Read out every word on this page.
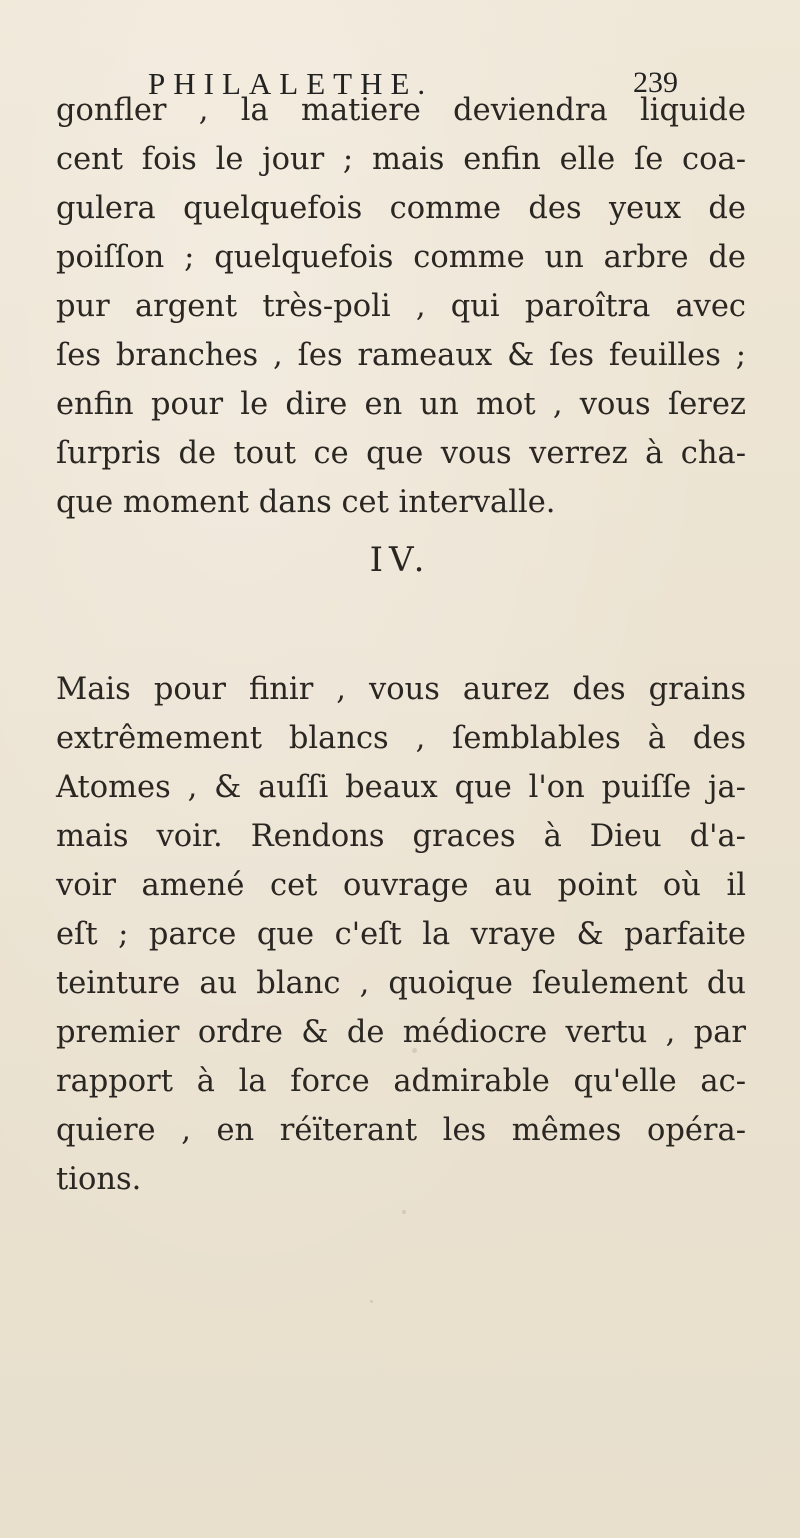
PHILALETHE.	239
gonfler , la matiere deviendra liquide
cent fois le jour ; mais enfin elle ſe coa-
gulera quelquefois comme des yeux de
poiſſon ; quelquefois comme un arbre de
pur argent très-poli , qui paroîtra avec
ſes branches , ſes rameaux & ſes feuilles ;
enfin pour le dire en un mot , vous ſerez
ſurpris de tout ce que vous verrez à cha-
que moment dans cet intervalle.
IV.
Mais pour finir , vous aurez des grains
extrêmement blancs , ſemblables à des
Atomes , & auſſi beaux que l'on puiſſe ja-
mais voir. Rendons graces à Dieu d'a-
voir amené cet ouvrage au point où il
eſt ; parce que c'eſt la vraye & parfaite
teinture au blanc , quoique ſeulement du
premier ordre & de médiocre vertu , par
rapport à la force admirable qu'elle ac-
quiere , en réïterant les mêmes opéra-
tions.
